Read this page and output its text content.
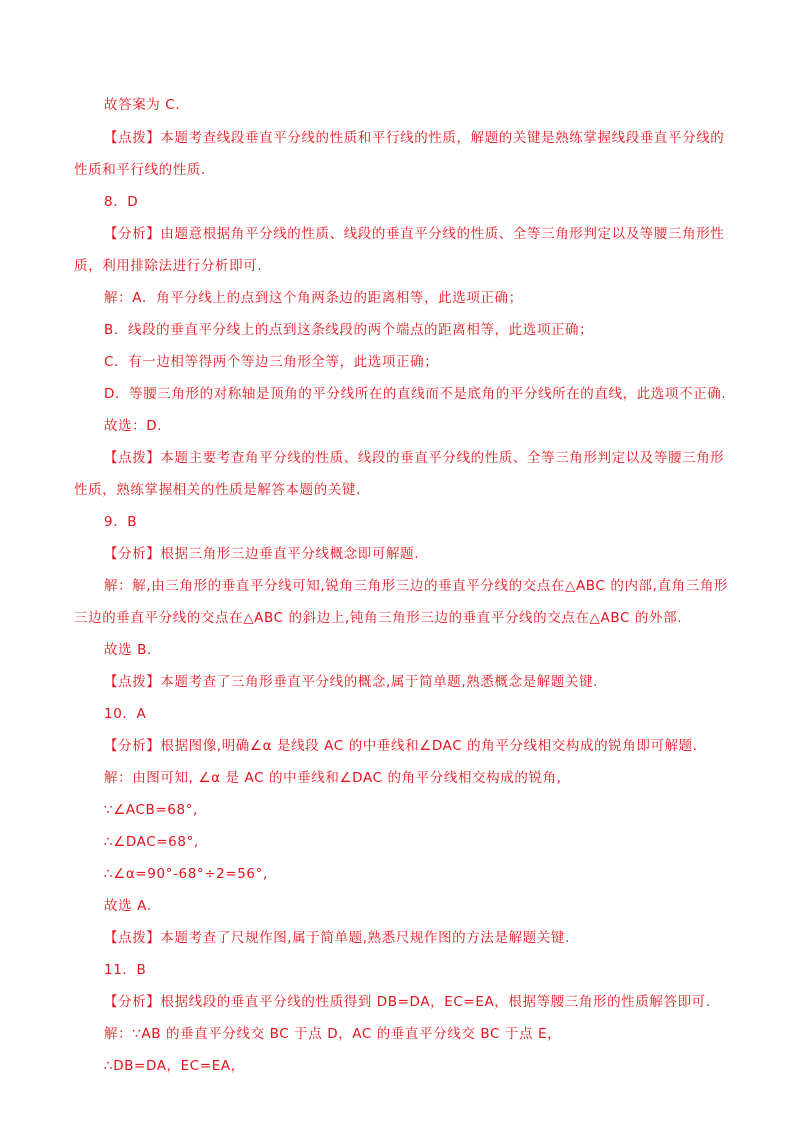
故答案为 C.
【点拨】本题考查线段垂直平分线的性质和平行线的性质，解题的关键是熟练掌握线段垂直平分线的
性质和平行线的性质.
8．D
【分析】由题意根据角平分线的性质、线段的垂直平分线的性质、全等三角形判定以及等腰三角形性
质，利用排除法进行分析即可.
解：A．角平分线上的点到这个角两条边的距离相等，此选项正确；
B．线段的垂直平分线上的点到这条线段的两个端点的距离相等，此选项正确；
C．有一边相等得两个等边三角形全等，此选项正确；
D．等腰三角形的对称轴是顶角的平分线所在的直线而不是底角的平分线所在的直线，此选项不正确.
故选：D.
【点拨】本题主要考查角平分线的性质、线段的垂直平分线的性质、全等三角形判定以及等腰三角形
性质，熟练掌握相关的性质是解答本题的关键.
9．B
【分析】根据三角形三边垂直平分线概念即可解题.
解：解,由三角形的垂直平分线可知,锐角三角形三边的垂直平分线的交点在△ABC 的内部,直角三角形
三边的垂直平分线的交点在△ABC 的斜边上,钝角三角形三边的垂直平分线的交点在△ABC 的外部.
故选 B.
【点拨】本题考查了三角形垂直平分线的概念,属于简单题,熟悉概念是解题关键.
10．A
【分析】根据图像,明确∠α 是线段 AC 的中垂线和∠DAC 的角平分线相交构成的锐角即可解题.
解：由图可知, ∠α 是 AC 的中垂线和∠DAC 的角平分线相交构成的锐角,
∵∠ACB=68°,
∴∠DAC=68°,
∴∠α=90°-68°÷2=56°,
故选 A.
【点拨】本题考查了尺规作图,属于简单题,熟悉尺规作图的方法是解题关键.
11．B
【分析】根据线段的垂直平分线的性质得到 DB=DA，EC=EA，根据等腰三角形的性质解答即可.
解：∵AB 的垂直平分线交 BC 于点 D，AC 的垂直平分线交 BC 于点 E，
∴DB=DA，EC=EA，
